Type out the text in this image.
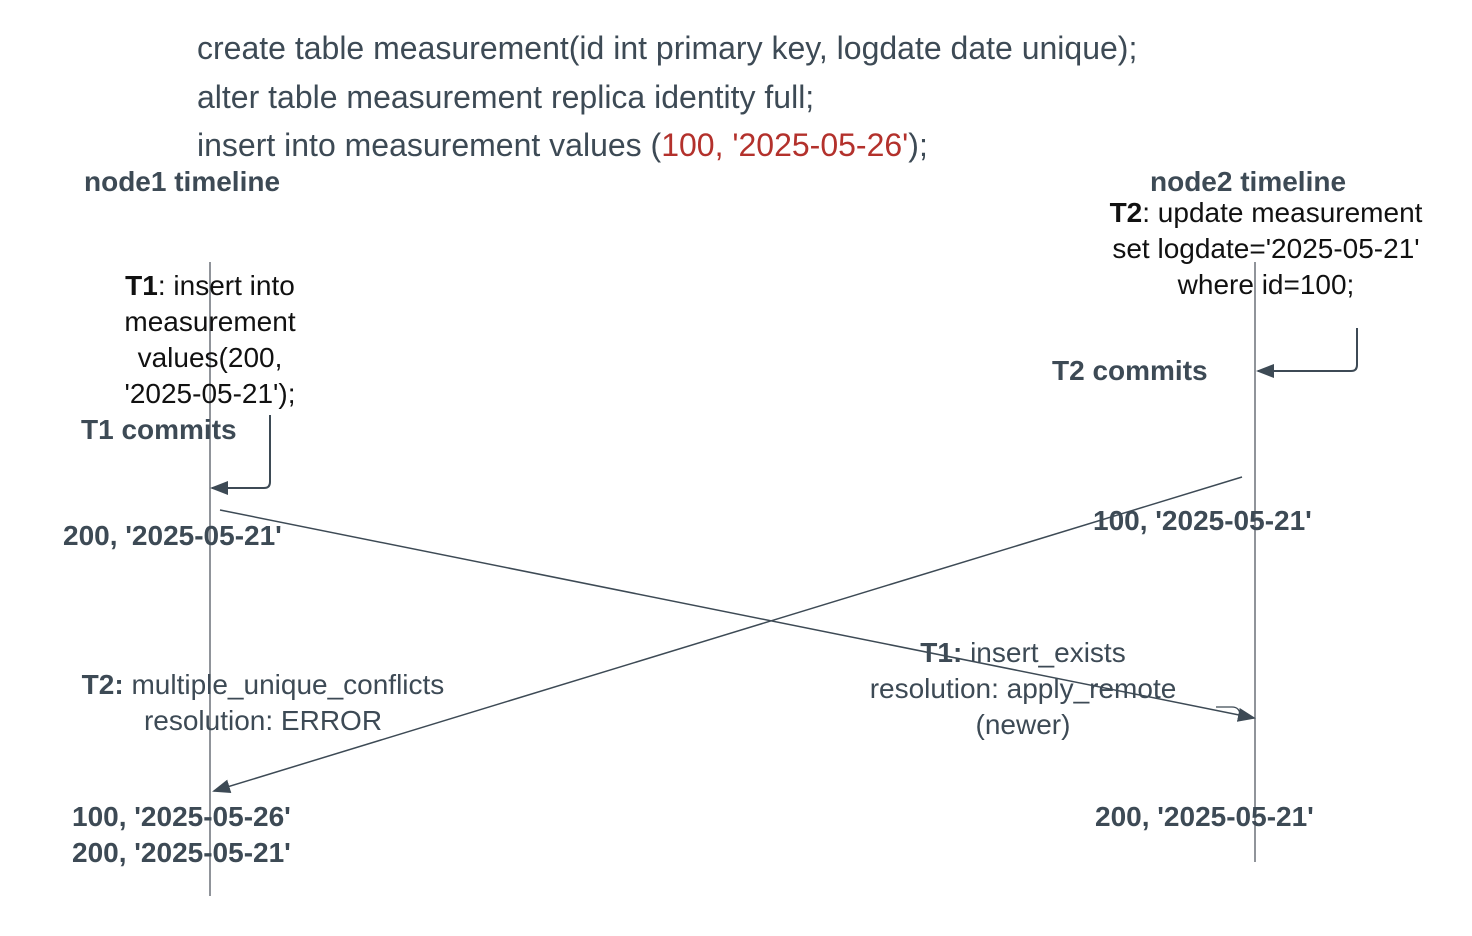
create table measurement(id int primary key, logdate date unique);
alter table measurement replica identity full;
insert into measurement values (100, '2025-05-26');
node1 timeline	node2 timeline
T1: insert into
measurement
values(200,
'2025-05-21');
T1 commits
200, '2025-05-21'
T2: multiple_unique_conflicts
resolution: ERROR
100, '2025-05-26'
200, '2025-05-21'
T2: update measurement
set logdate='2025-05-21'
where id=100;
T2 commits
100, '2025-05-21'
T1: insert_exists
resolution: apply_remote
(newer)
200, '2025-05-21'
